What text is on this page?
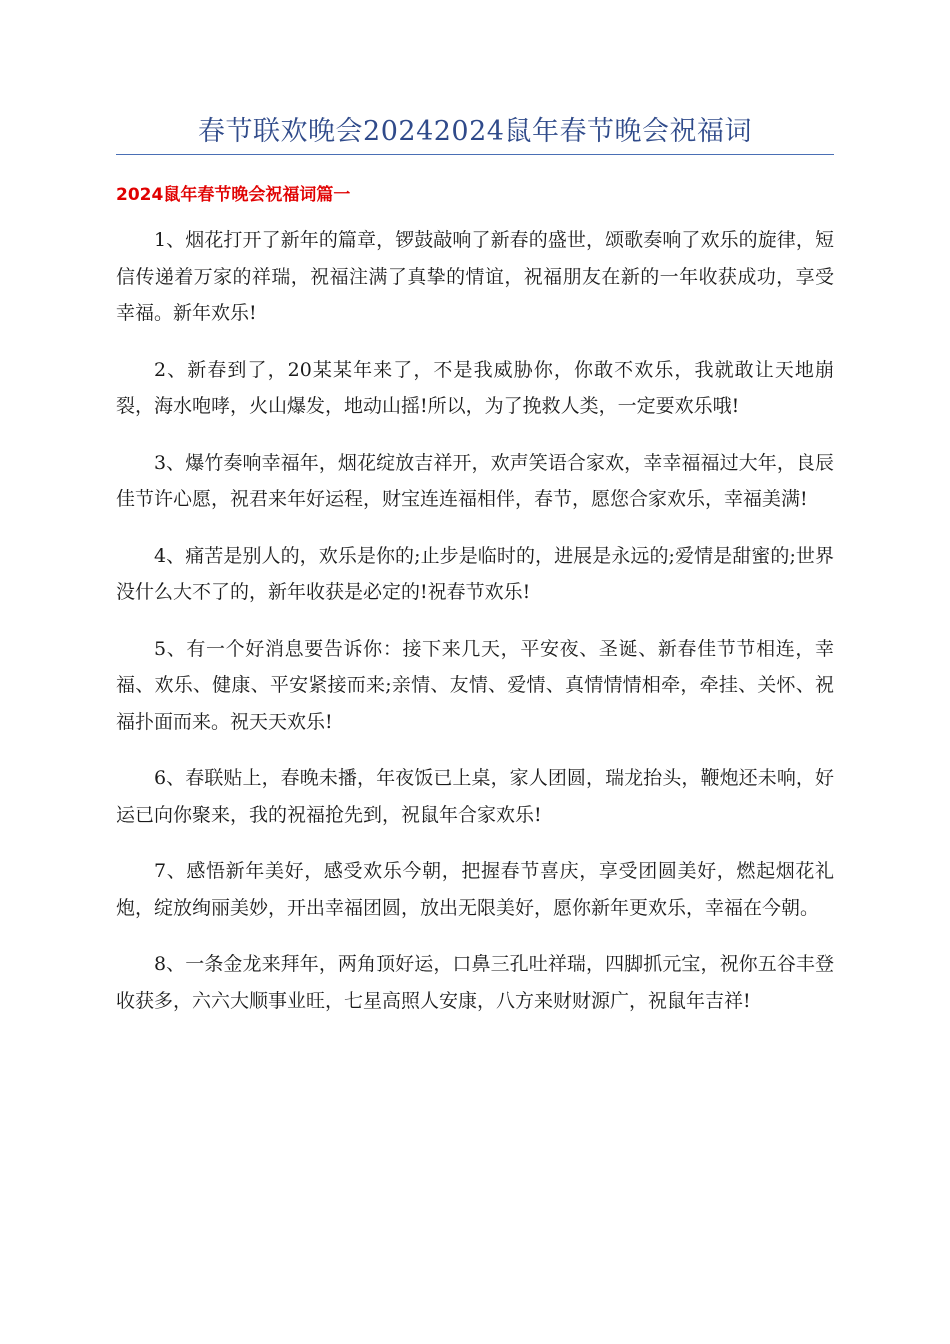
春节联欢晚会20242024鼠年春节晚会祝福词
2024鼠年春节晚会祝福词篇一

1、烟花打开了新年的篇章，锣鼓敲响了新春的盛世，颂歌奏响了欢乐的旋律，短信传递着万家的祥瑞，祝福注满了真挚的情谊，祝福朋友在新的一年收获成功，享受幸福。新年欢乐!

2、新春到了，20某某年来了，不是我威胁你，你敢不欢乐，我就敢让天地崩裂，海水咆哮，火山爆发，地动山摇!所以，为了挽救人类，一定要欢乐哦!

3、爆竹奏响幸福年，烟花绽放吉祥开，欢声笑语合家欢，幸幸福福过大年，良辰佳节许心愿，祝君来年好运程，财宝连连福相伴，春节，愿您合家欢乐，幸福美满!

4、痛苦是别人的，欢乐是你的;止步是临时的，进展是永远的;爱情是甜蜜的;世界没什么大不了的，新年收获是必定的!祝春节欢乐!

5、有一个好消息要告诉你：接下来几天，平安夜、圣诞、新春佳节节相连，幸福、欢乐、健康、平安紧接而来;亲情、友情、爱情、真情情情相牵，牵挂、关怀、祝福扑面而来。祝天天欢乐!

6、春联贴上，春晚未播，年夜饭已上桌，家人团圆，瑞龙抬头，鞭炮还未响，好运已向你聚来，我的祝福抢先到，祝鼠年合家欢乐!

7、感悟新年美好，感受欢乐今朝，把握春节喜庆，享受团圆美好，燃起烟花礼炮，绽放绚丽美妙，开出幸福团圆，放出无限美好，愿你新年更欢乐，幸福在今朝。

8、一条金龙来拜年，两角顶好运，口鼻三孔吐祥瑞，四脚抓元宝，祝你五谷丰登收获多，六六大顺事业旺，七星高照人安康，八方来财财源广，祝鼠年吉祥!
